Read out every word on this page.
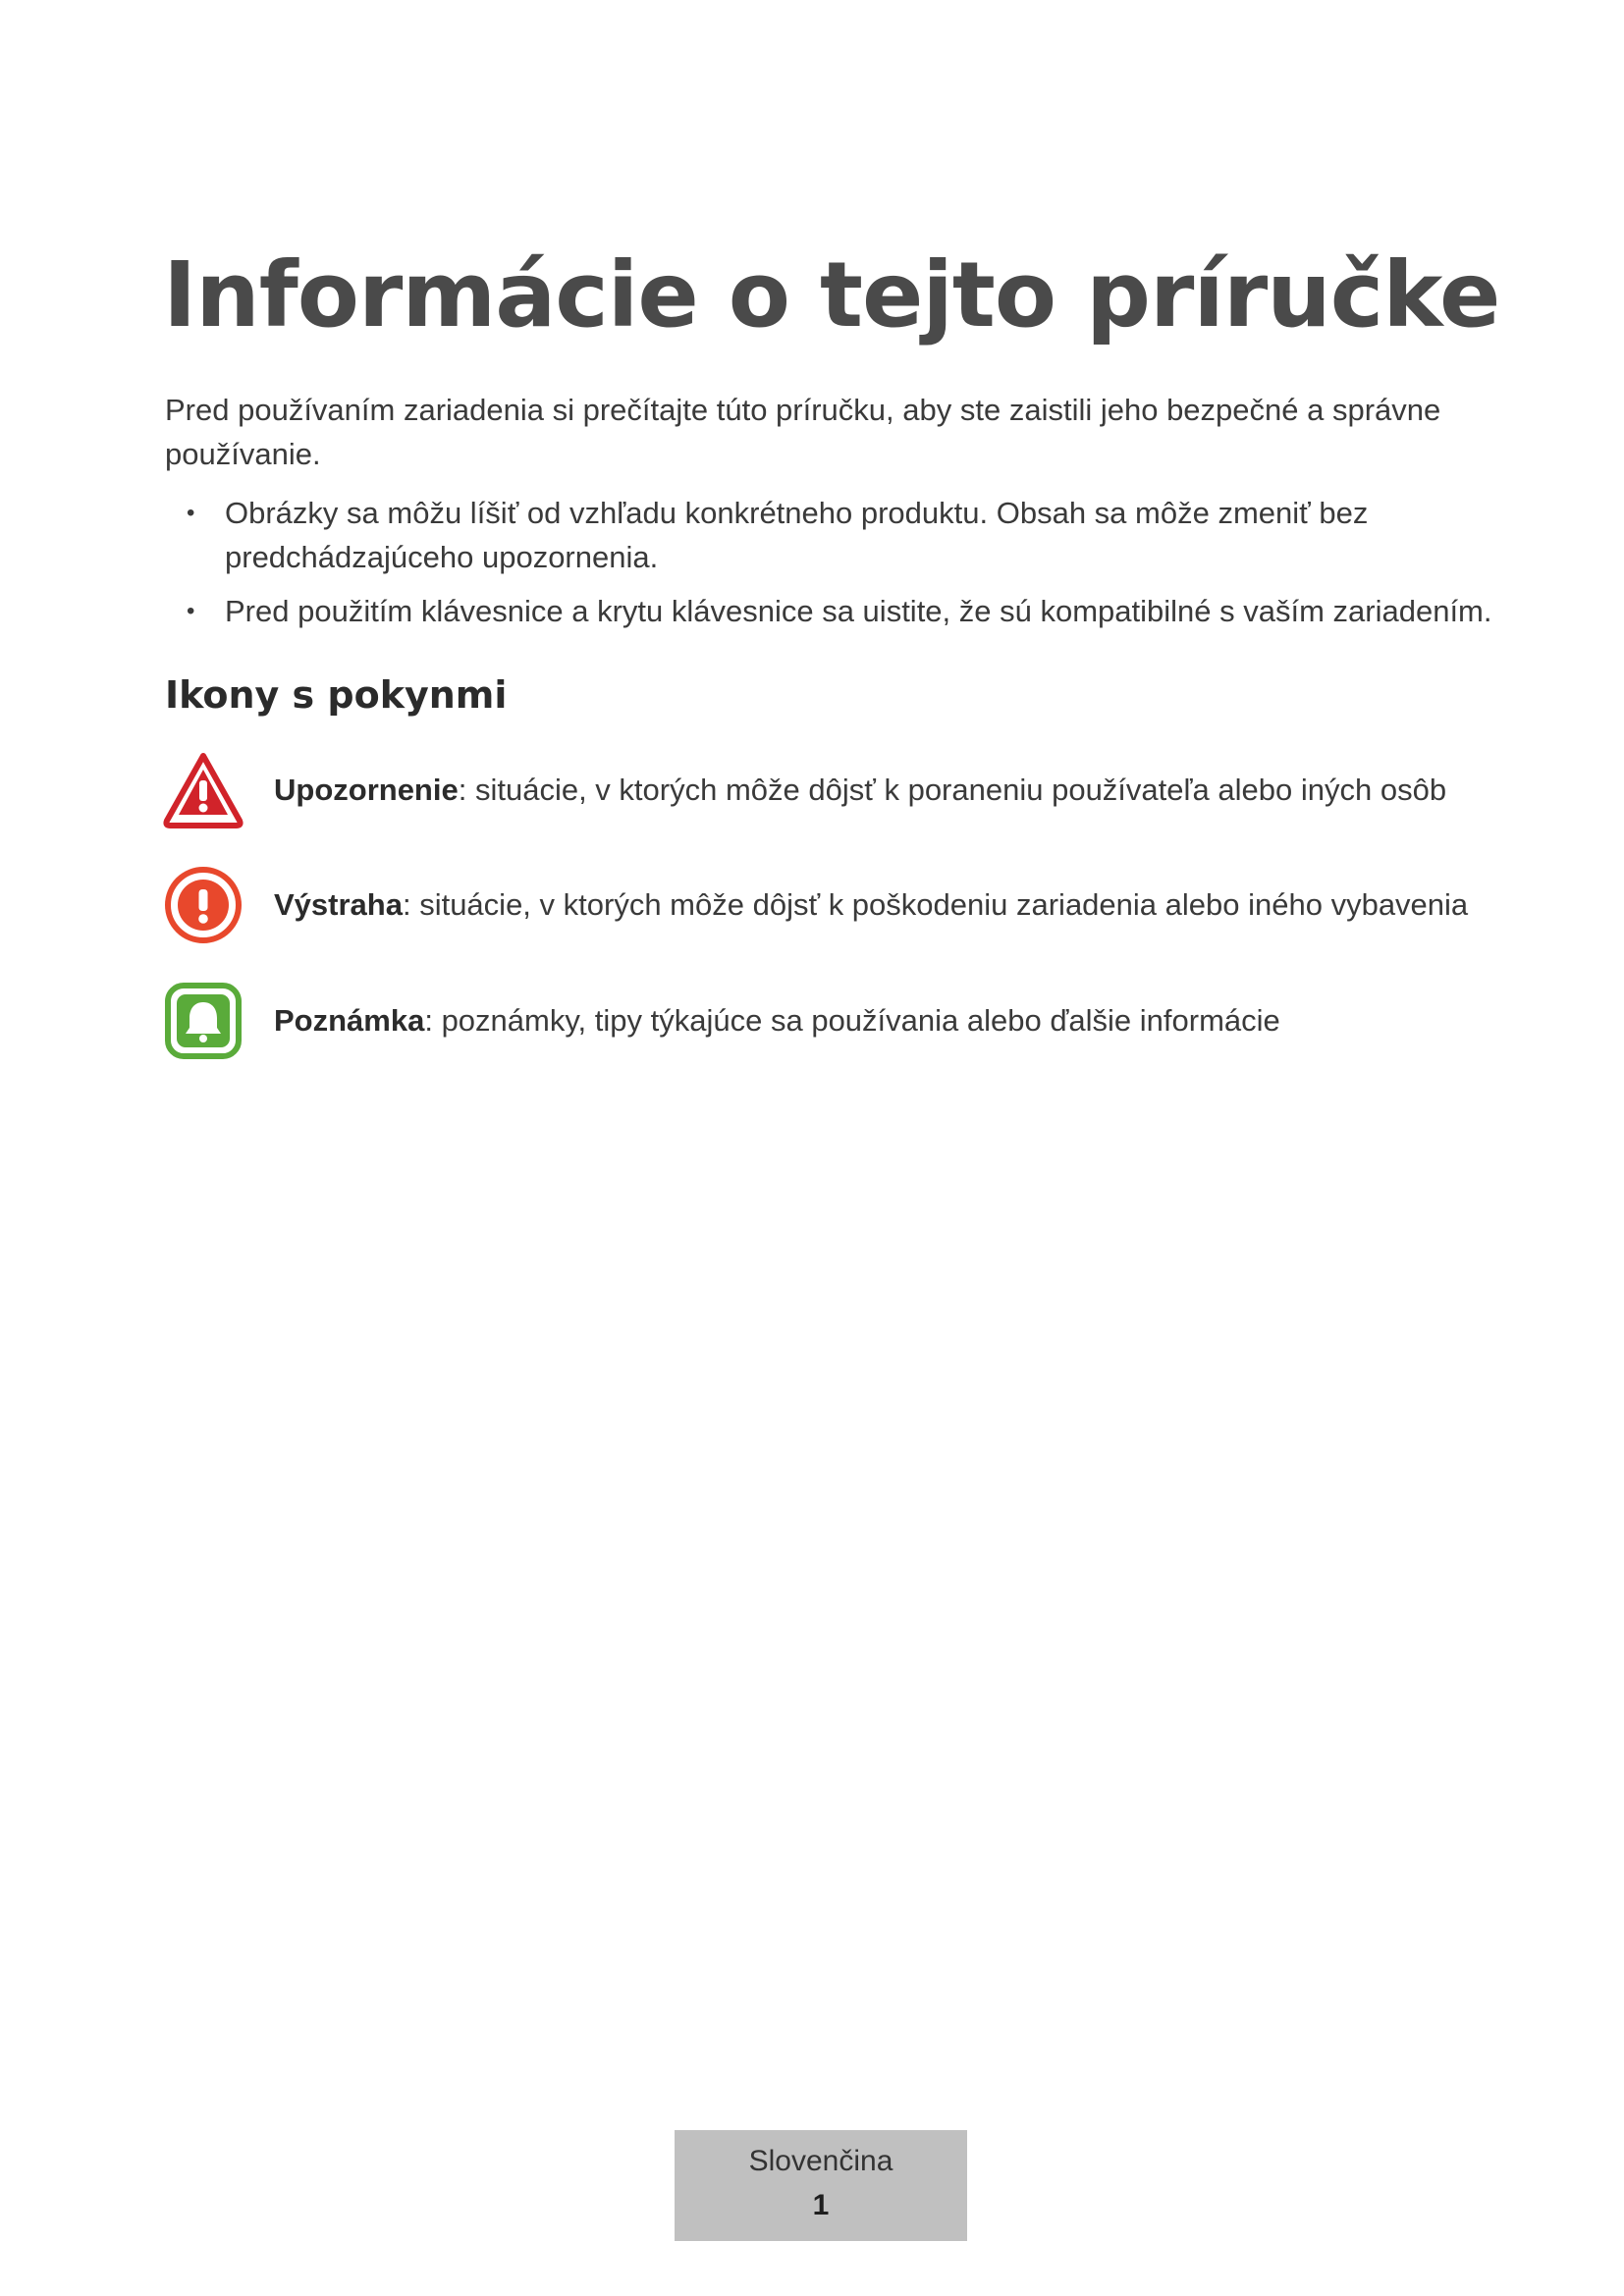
Informácie o tejto príručke

Pred používaním zariadenia si prečítajte túto príručku, aby ste zaistili jeho bezpečné a správne používanie.

• Obrázky sa môžu líšiť od vzhľadu konkrétneho produktu. Obsah sa môže zmeniť bez predchádzajúceho upozornenia.
• Pred použitím klávesnice a krytu klávesnice sa uistite, že sú kompatibilné s vaším zariadením.
Ikony s pokynmi
Upozornenie: situácie, v ktorých môže dôjsť k poraneniu používateľa alebo iných osôb
Výstraha: situácie, v ktorých môže dôjsť k poškodeniu zariadenia alebo iného vybavenia
Poznámka: poznámky, tipy týkajúce sa používania alebo ďalšie informácie
Slovenčina
1
